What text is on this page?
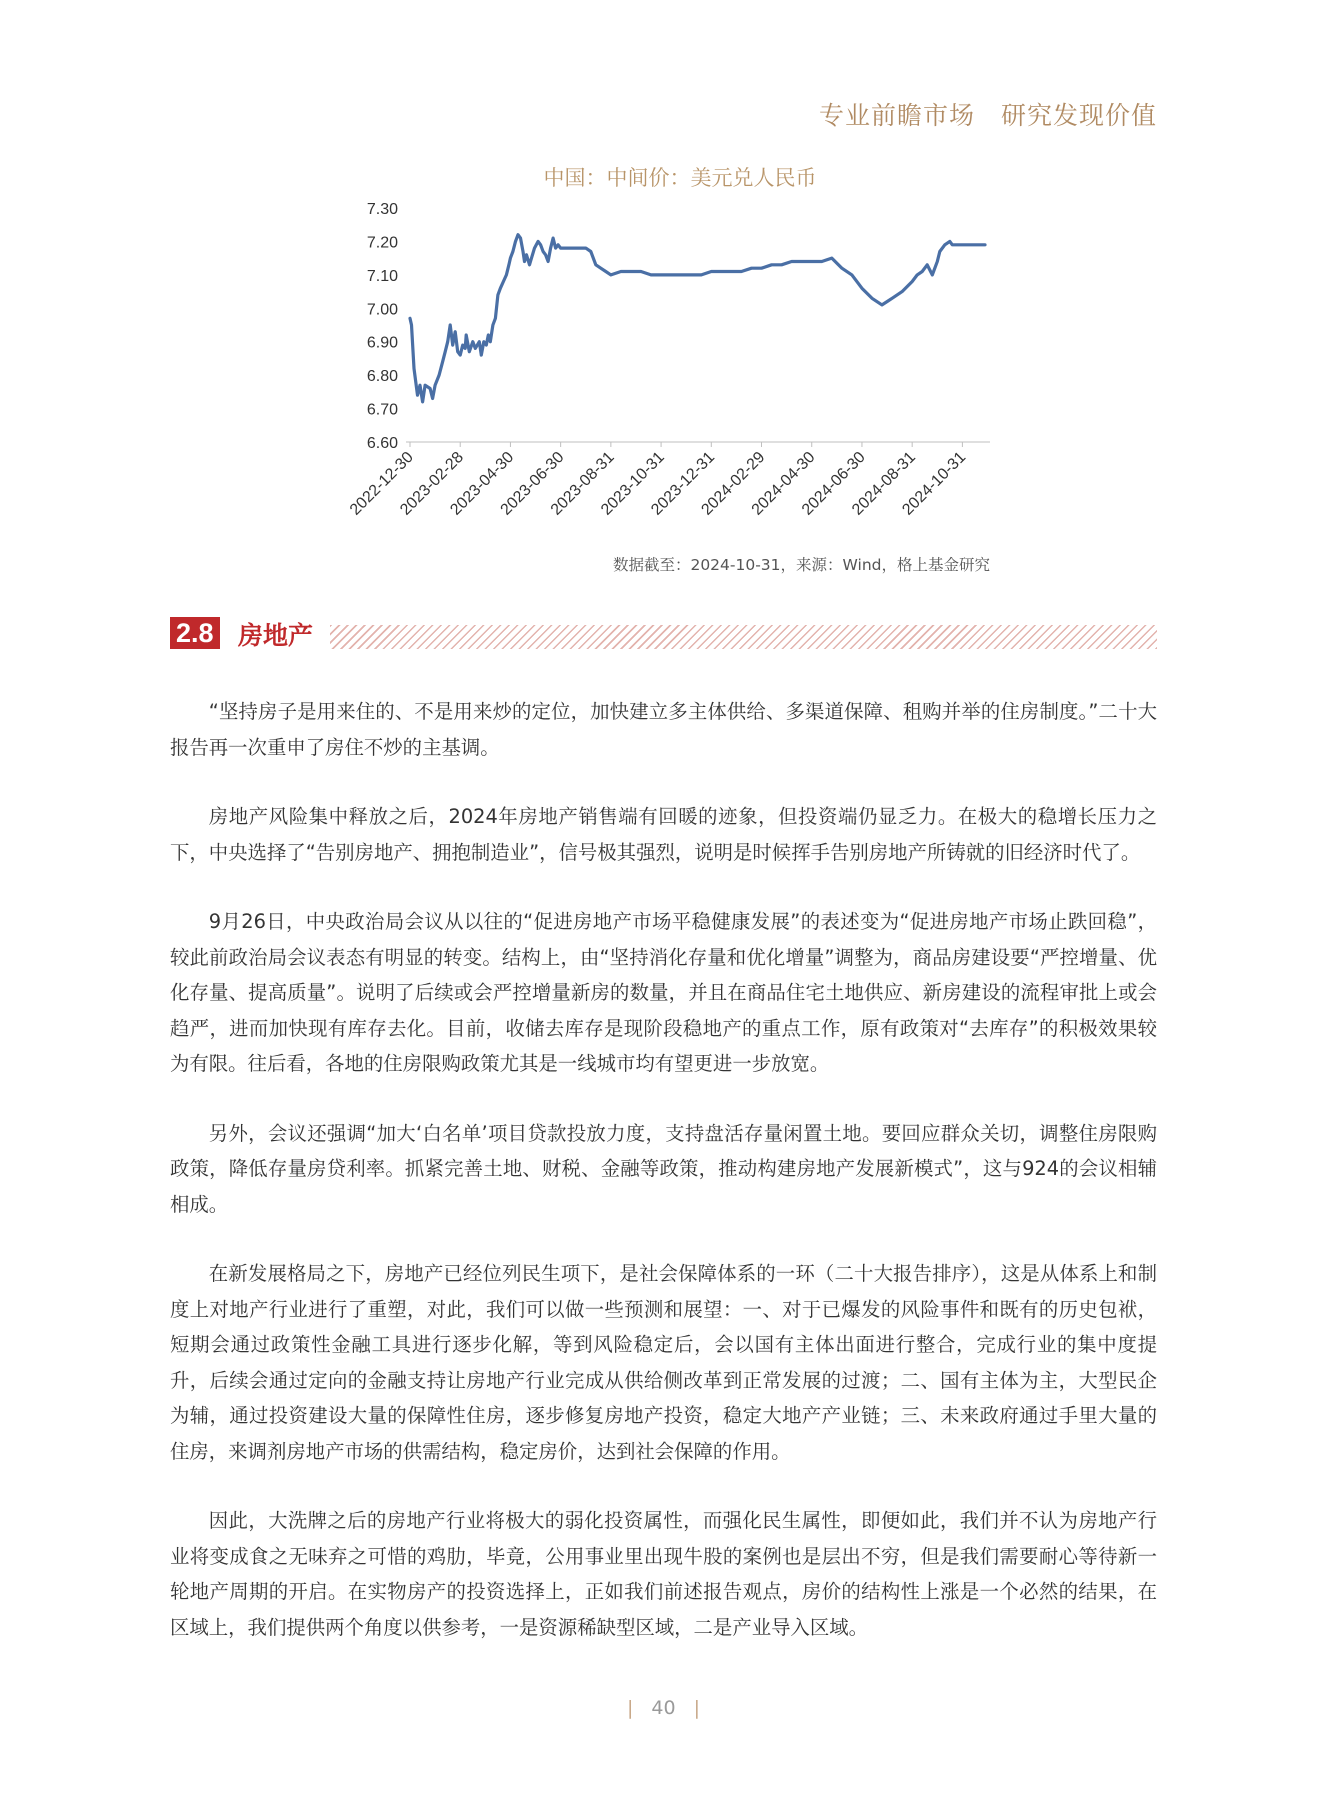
专业前瞻市场 研究发现价值
中国：中间价：美元兑人民币
7.30
7.20
7.10
7.00
6.90
6.80
6.70
6.60
2022-12-30
2023-02-28
2023-04-30
2023-06-30
2023-08-31
2023-10-31
2023-12-31
2024-02-29
2024-04-30
2024-06-30
2024-08-31
2024-10-31
数据截至：2024-10-31，来源：Wind，格上基金研究
2.8 房地产

“坚持房子是用来住的、不是用来炒的定位，加快建立多主体供给、多渠道保障、租购并举的住房制度。”二十大报告再一次重申了房住不炒的主基调。

房地产风险集中释放之后，2024年房地产销售端有回暖的迹象，但投资端仍显乏力。在极大的稳增长压力之下，中央选择了“告别房地产、拥抱制造业”，信号极其强烈，说明是时候挥手告别房地产所铸就的旧经济时代了。

9月26日，中央政治局会议从以往的“促进房地产市场平稳健康发展”的表述变为“促进房地产市场止跌回稳”，较此前政治局会议表态有明显的转变。结构上，由“坚持消化存量和优化增量”调整为，商品房建设要“严控增量、优化存量、提高质量”。说明了后续或会严控增量新房的数量，并且在商品住宅土地供应、新房建设的流程审批上或会趋严，进而加快现有库存去化。目前，收储去库存是现阶段稳地产的重点工作，原有政策对“去库存”的积极效果较为有限。往后看，各地的住房限购政策尤其是一线城市均有望更进一步放宽。

另外，会议还强调“加大‘白名单’项目贷款投放力度，支持盘活存量闲置土地。要回应群众关切，调整住房限购政策，降低存量房贷利率。抓紧完善土地、财税、金融等政策，推动构建房地产发展新模式”，这与924的会议相辅相成。

在新发展格局之下，房地产已经位列民生项下，是社会保障体系的一环（二十大报告排序），这是从体系上和制度上对地产行业进行了重塑，对此，我们可以做一些预测和展望：一、对于已爆发的风险事件和既有的历史包袱，短期会通过政策性金融工具进行逐步化解，等到风险稳定后，会以国有主体出面进行整合，完成行业的集中度提升，后续会通过定向的金融支持让房地产行业完成从供给侧改革到正常发展的过渡；二、国有主体为主，大型民企为辅，通过投资建设大量的保障性住房，逐步修复房地产投资，稳定大地产产业链；三、未来政府通过手里大量的住房，来调剂房地产市场的供需结构，稳定房价，达到社会保障的作用。

因此，大洗牌之后的房地产行业将极大的弱化投资属性，而强化民生属性，即便如此，我们并不认为房地产行业将变成食之无味弃之可惜的鸡肋，毕竟，公用事业里出现牛股的案例也是层出不穷，但是我们需要耐心等待新一轮地产周期的开启。在实物房产的投资选择上，正如我们前述报告观点，房价的结构性上涨是一个必然的结果，在区域上，我们提供两个角度以供参考，一是资源稀缺型区域，二是产业导入区域。

| 40 |
